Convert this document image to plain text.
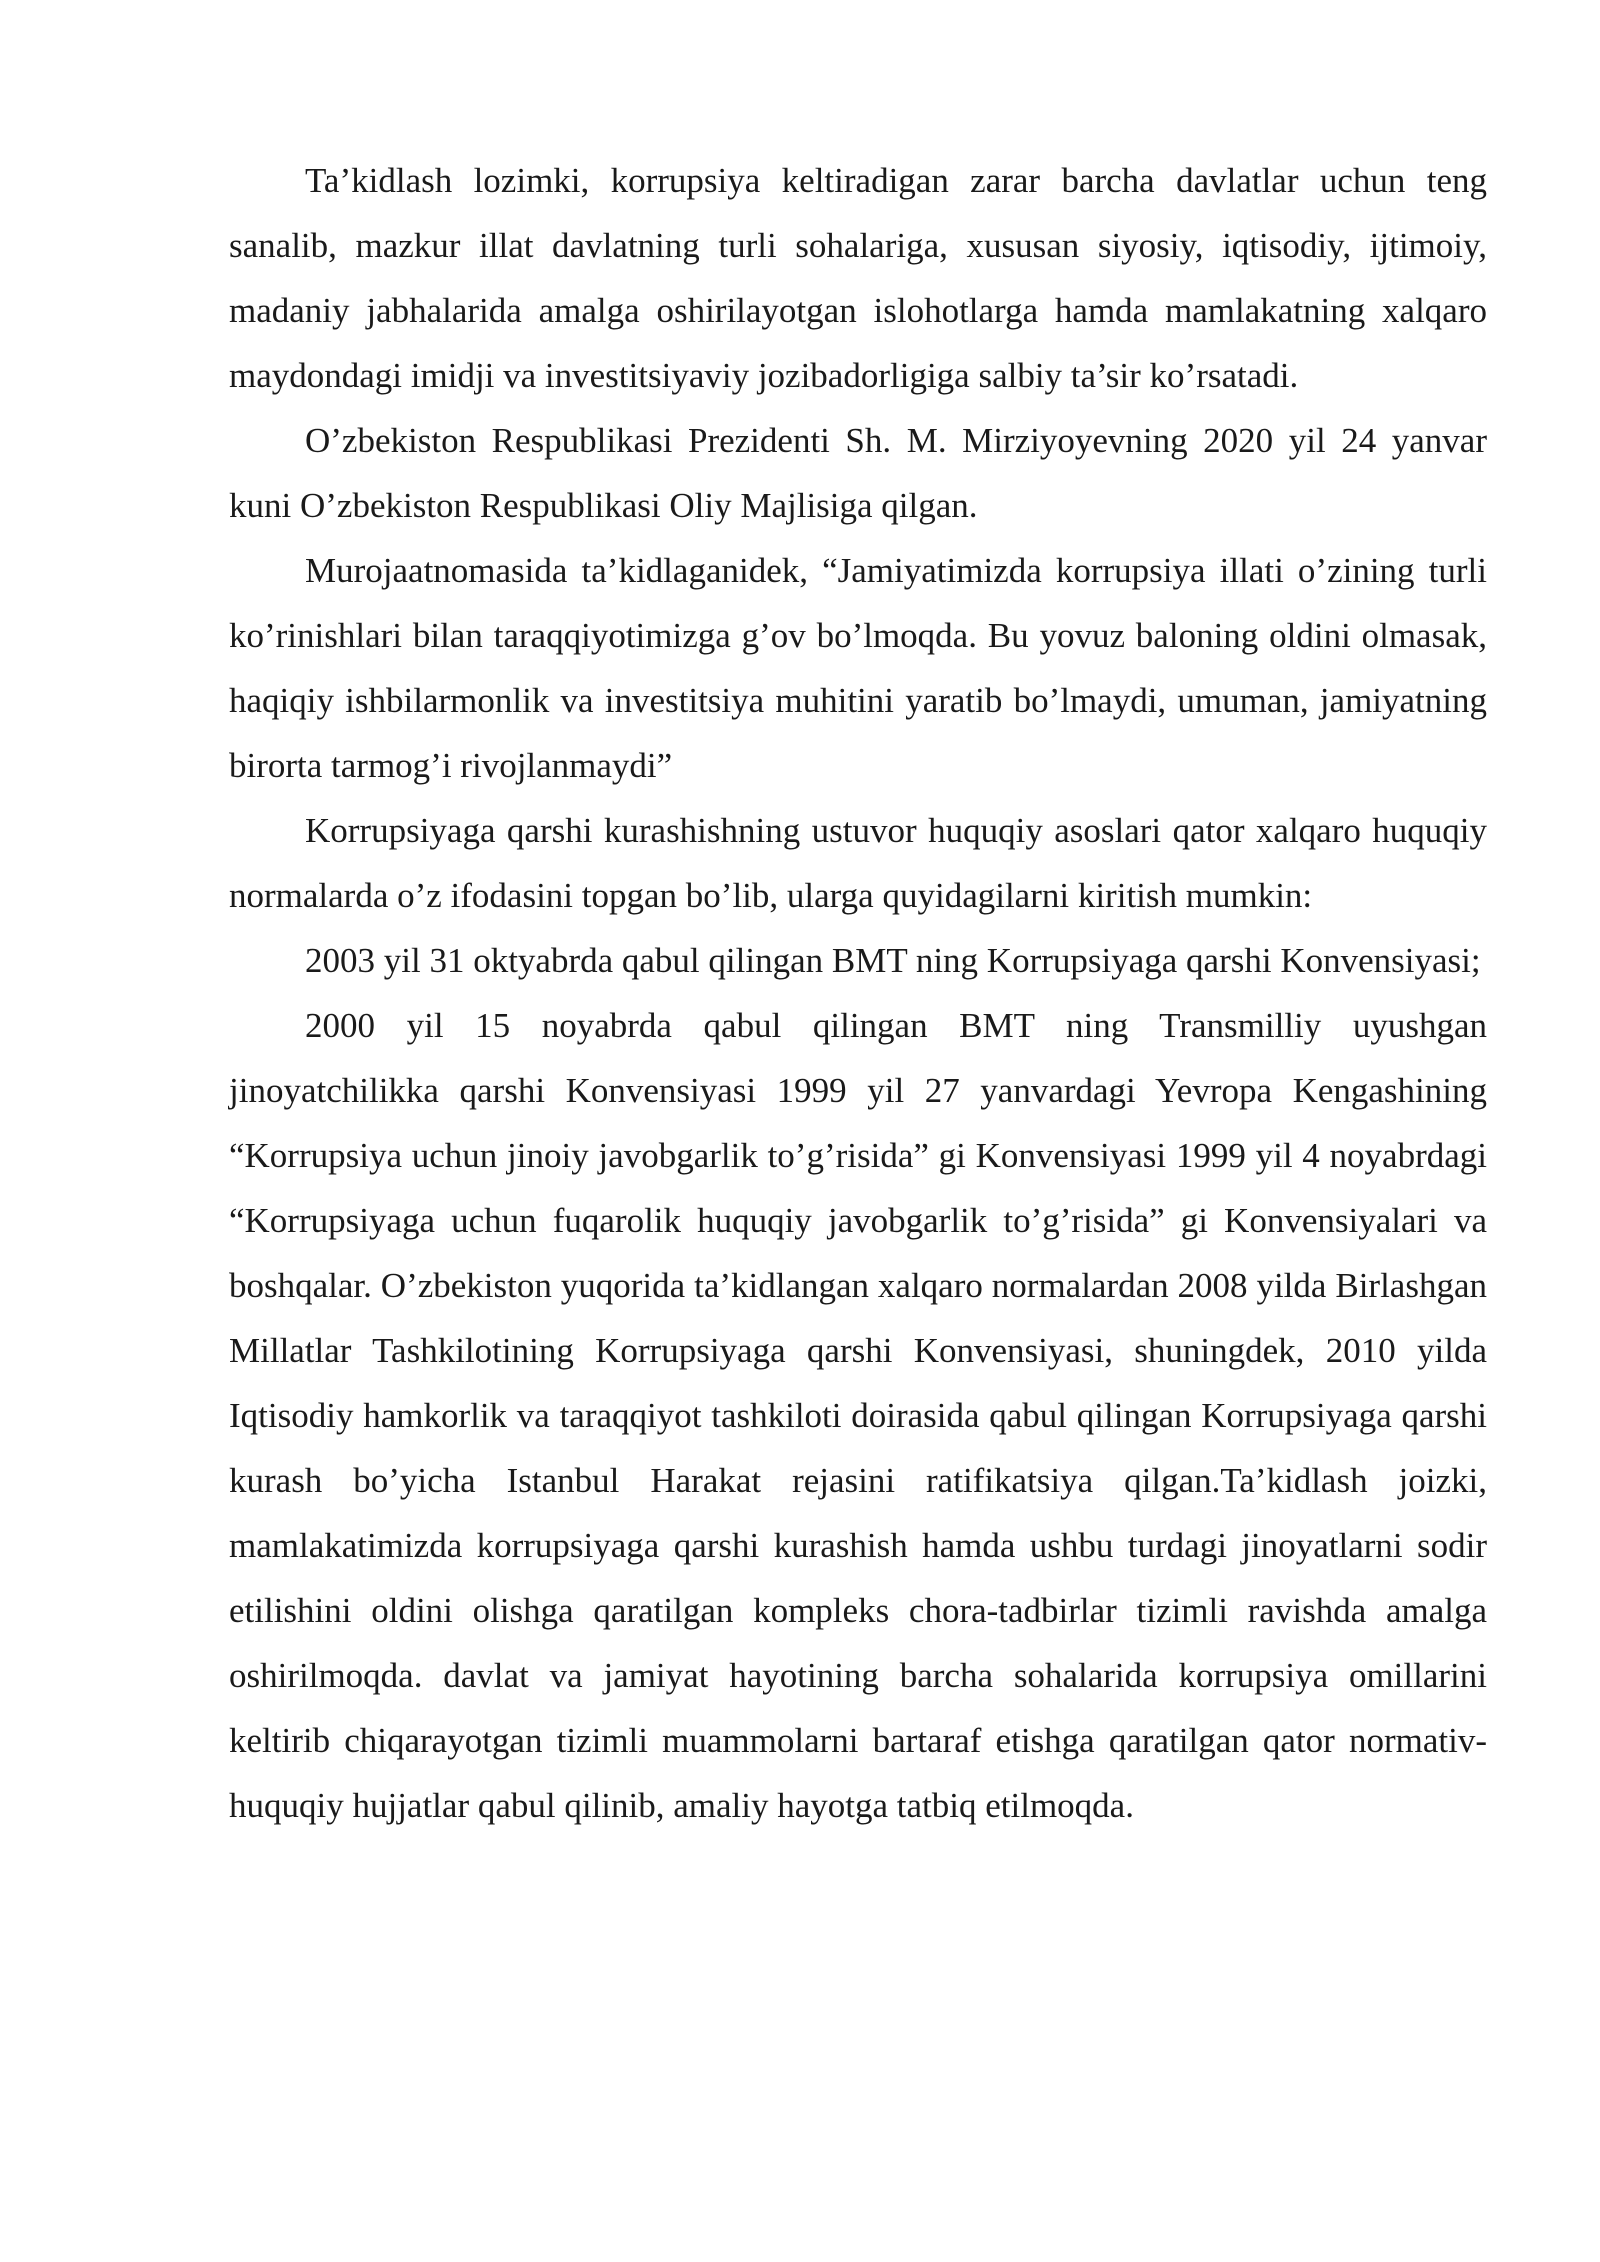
Ta’kidlash lozimki, korrupsiya keltiradigan zarar barcha davlatlar uchun teng sanalib, mazkur illat davlatning turli sohalariga, xususan siyosiy, iqtisodiy, ijtimoiy, madaniy jabhalarida amalga oshirilayotgan islohotlarga hamda mamlakatning xalqaro maydondagi imidji va investitsiyaviy jozibadorligiga salbiy ta’sir ko’rsatadi.

O’zbekiston Respublikasi Prezidenti Sh. M. Mirziyoyevning 2020 yil 24 yanvar kuni O’zbekiston Respublikasi Oliy Majlisiga qilgan.

Murojaatnomasida ta’kidlaganidek, “Jamiyatimizda korrupsiya illati o’zining turli ko’rinishlari bilan taraqqiyotimizga g’ov bo’lmoqda. Bu yovuz baloning oldini olmasak, haqiqiy ishbilarmonlik va investitsiya muhitini yaratib bo’lmaydi, umuman, jamiyatning birorta tarmog’i rivojlanmaydi”

Korrupsiyaga qarshi kurashishning ustuvor huquqiy asoslari qator xalqaro huquqiy normalarda o’z ifodasini topgan bo’lib, ularga quyidagilarni kiritish mumkin:

2003 yil 31 oktyabrda qabul qilingan BMT ning Korrupsiyaga qarshi Konvensiyasi;

2000 yil 15 noyabrda qabul qilingan BMT ning Transmilliy uyushgan jinoyatchilikka qarshi Konvensiyasi 1999 yil 27 yanvardagi Yevropa Kengashining “Korrupsiya uchun jinoiy javobgarlik to’g’risida” gi Konvensiyasi 1999 yil 4 noyabrdagi “Korrupsiyaga uchun fuqarolik huquqiy javobgarlik to’g’risida” gi Konvensiyalari va boshqalar. O’zbekiston yuqorida ta’kidlangan xalqaro normalardan 2008 yilda Birlashgan Millatlar Tashkilotining Korrupsiyaga qarshi Konvensiyasi, shuningdek, 2010 yilda Iqtisodiy hamkorlik va taraqqiyot tashkiloti doirasida qabul qilingan Korrupsiyaga qarshi kurash bo’yicha Istanbul Harakat rejasini ratifikatsiya qilgan.Ta’kidlash joizki, mamlakatimizda korrupsiyaga qarshi kurashish hamda ushbu turdagi jinoyatlarni sodir etilishini oldini olishga qaratilgan kompleks chora-tadbirlar tizimli ravishda amalga oshirilmoqda. davlat va jamiyat hayotining barcha sohalarida korrupsiya omillarini keltirib chiqarayotgan tizimli muammolarni bartaraf etishga qaratilgan qator normativ-huquqiy hujjatlar qabul qilinib, amaliy hayotga tatbiq etilmoqda.
